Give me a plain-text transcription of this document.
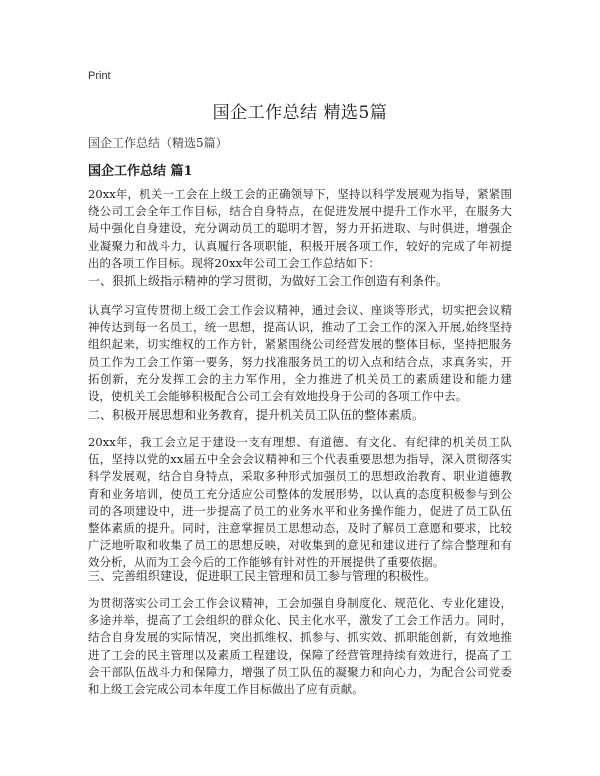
Print
国企工作总结 精选5篇
国企工作总结（精选5篇）
国企工作总结 篇1

20xx年，机关一工会在上级工会的正确领导下，坚持以科学发展观为指导，紧紧围绕公司工会全年工作目标，结合自身特点，在促进发展中提升工作水平，在服务大局中强化自身建设，充分调动员工的聪明才智，努力开拓进取、与时俱进，增强企业凝聚力和战斗力，认真履行各项职能，积极开展各项工作，较好的完成了年初提出的各项工作目标。现将20xx年公司工会工作总结如下：

一、狠抓上级指示精神的学习贯彻，为做好工会工作创造有利条件。

认真学习宣传贯彻上级工会工作会议精神，通过会议、座谈等形式，切实把会议精神传达到每一名员工，统一思想，提高认识，推动了工会工作的深入开展,始终坚持组织起来，切实维权的工作方针，紧紧围绕公司经营发展的整体目标，坚持把服务员工作为工会工作第一要务，努力找准服务员工的切入点和结合点，求真务实，开拓创新，充分发挥工会的主力军作用，全力推进了机关员工的素质建设和能力建设，使机关工会能够积极配合公司工会有效地投身于公司的各项工作中去。

二、积极开展思想和业务教育，提升机关员工队伍的整体素质。

20xx年，我工会立足于建设一支有理想、有道德、有文化、有纪律的机关员工队伍，坚持以党的xx届五中全会会议精神和三个代表重要思想为指导，深入贯彻落实科学发展观，结合自身特点，采取多种形式加强员工的思想政治教育、职业道德教育和业务培训，使员工充分适应公司整体的发展形势，以认真的态度积极参与到公司的各项建设中，进一步提高了员工的业务水平和业务操作能力，促进了员工队伍整体素质的提升。同时，注意掌握员工思想动态，及时了解员工意愿和要求，比较广泛地听取和收集了员工的思想反映，对收集到的意见和建议进行了综合整理和有效分析，从而为工会今后的工作能够有针对性的开展提供了重要依据。

三、完善组织建设，促进职工民主管理和员工参与管理的积极性。

为贯彻落实公司工会工作会议精神，工会加强自身制度化、规范化、专业化建设，多途并举，提高了工会组织的群众化、民主化水平，激发了工会工作活力。同时，结合自身发展的实际情况，突出抓维权、抓参与、抓实效、抓职能创新，有效地推进了工会的民主管理以及素质工程建设，保障了经营管理持续有效进行，提高了工会干部队伍战斗力和保障力，增强了员工队伍的凝聚力和向心力，为配合公司党委和上级工会完成公司本年度工作目标做出了应有贡献。
